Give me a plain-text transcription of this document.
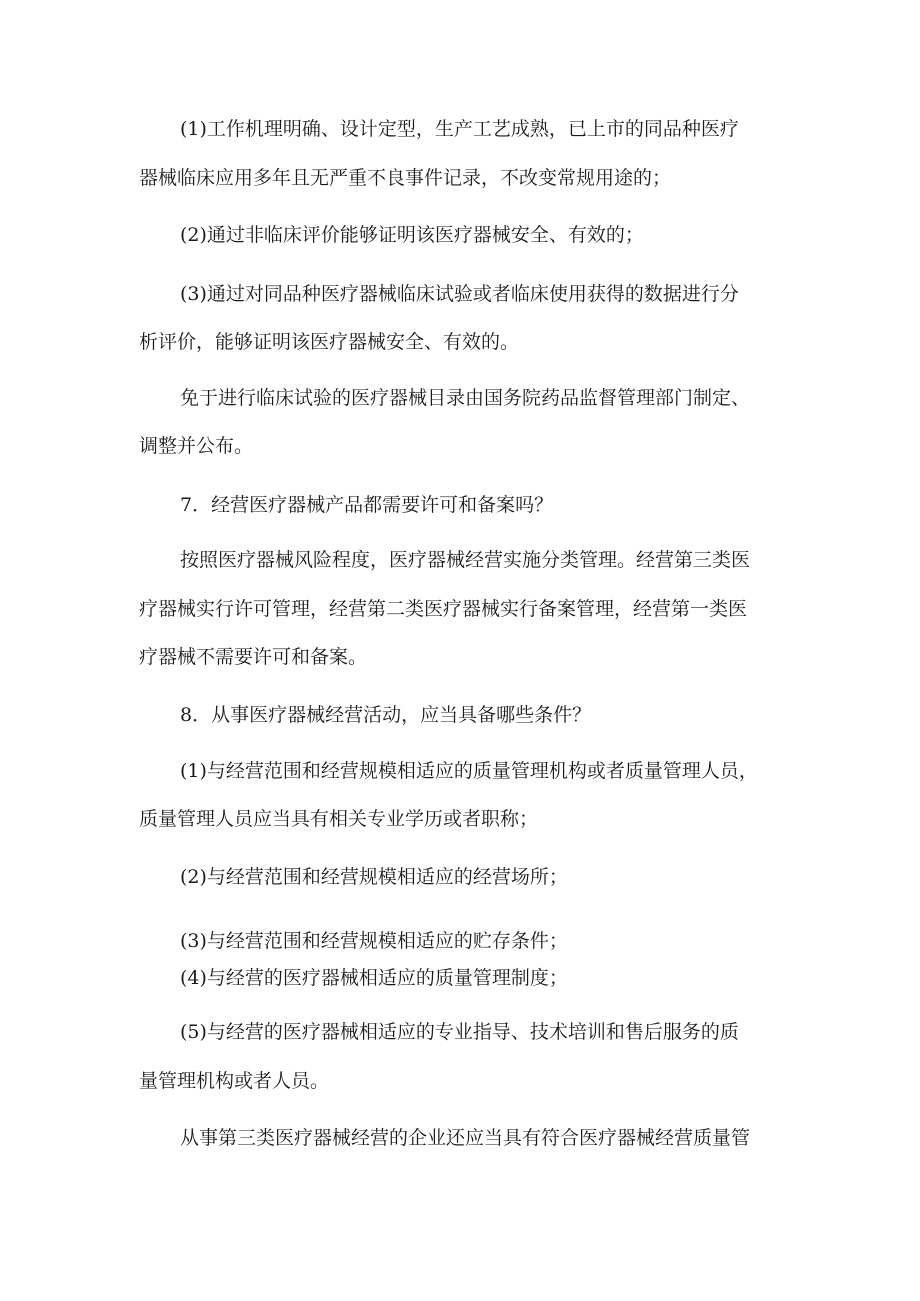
(1)工作机理明确、设计定型，生产工艺成熟，已上市的同品种医疗
器械临床应用多年且无严重不良事件记录，不改变常规用途的；
(2)通过非临床评价能够证明该医疗器械安全、有效的；
(3)通过对同品种医疗器械临床试验或者临床使用获得的数据进行分
析评价，能够证明该医疗器械安全、有效的。
免于进行临床试验的医疗器械目录由国务院药品监督管理部门制定、
调整并公布。
7．经营医疗器械产品都需要许可和备案吗？
按照医疗器械风险程度，医疗器械经营实施分类管理。经营第三类医
疗器械实行许可管理，经营第二类医疗器械实行备案管理，经营第一类医
疗器械不需要许可和备案。
8．从事医疗器械经营活动，应当具备哪些条件？
(1)与经营范围和经营规模相适应的质量管理机构或者质量管理人员，
质量管理人员应当具有相关专业学历或者职称；
(2)与经营范围和经营规模相适应的经营场所；
(3)与经营范围和经营规模相适应的贮存条件；
(4)与经营的医疗器械相适应的质量管理制度；
(5)与经营的医疗器械相适应的专业指导、技术培训和售后服务的质
量管理机构或者人员。
从事第三类医疗器械经营的企业还应当具有符合医疗器械经营质量管
